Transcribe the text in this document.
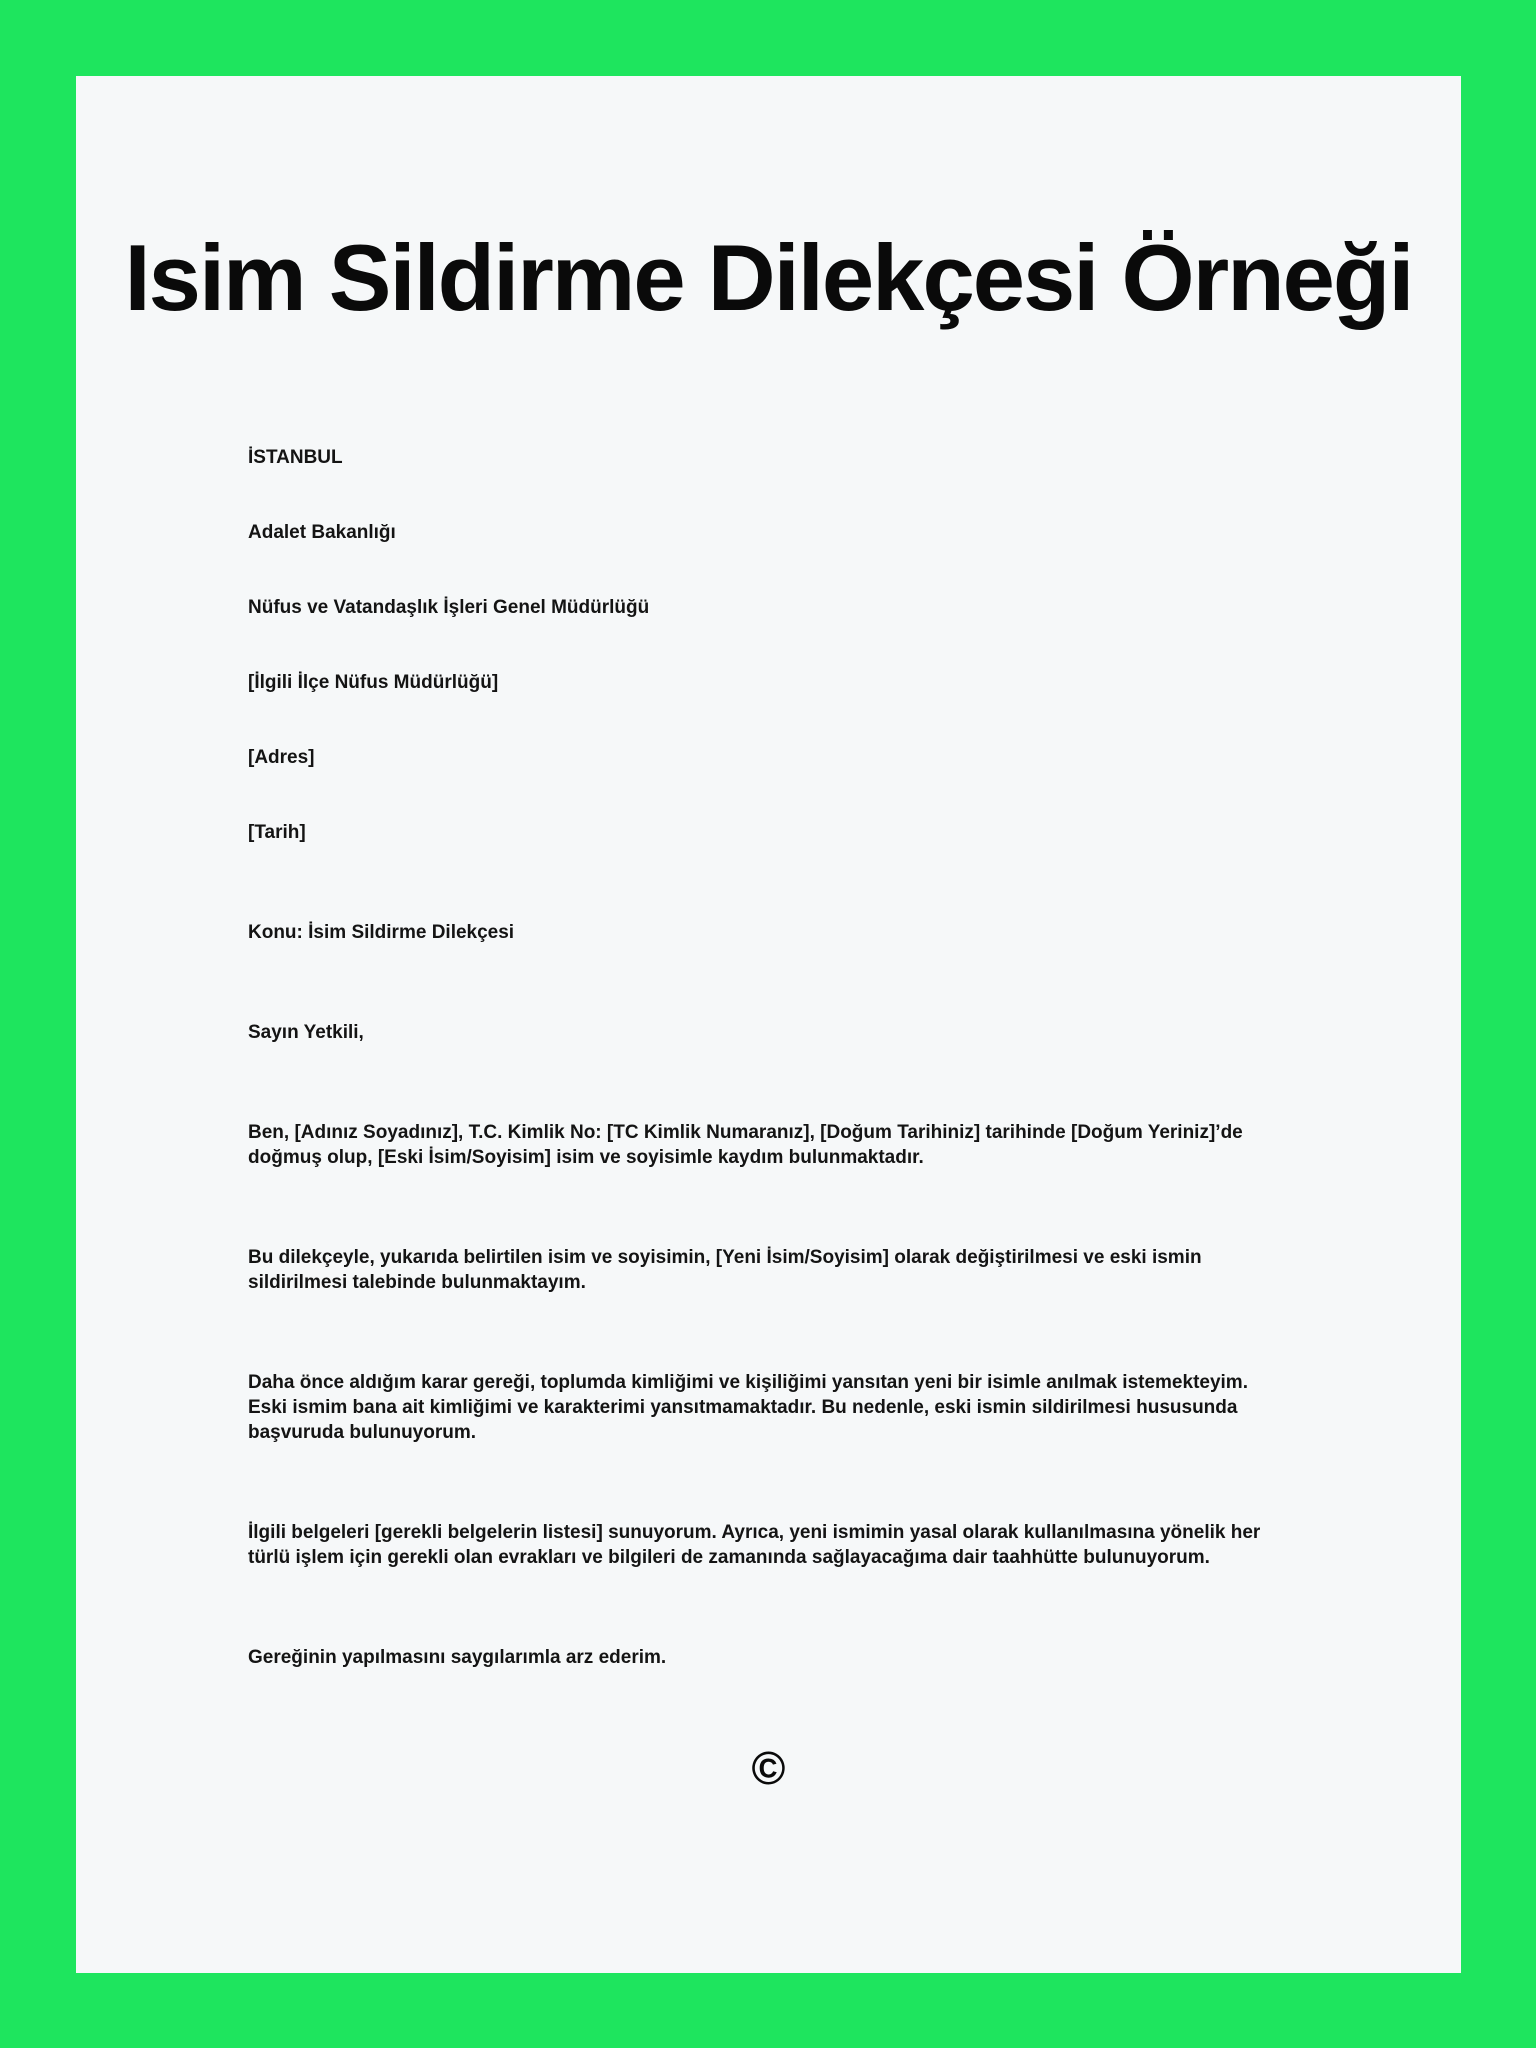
Isim Sildirme Dilekçesi Örneği

İSTANBUL

Adalet Bakanlığı

Nüfus ve Vatandaşlık İşleri Genel Müdürlüğü

[İlgili İlçe Nüfus Müdürlüğü]

[Adres]

[Tarih]

Konu: İsim Sildirme Dilekçesi

Sayın Yetkili,

Ben, [Adınız Soyadınız], T.C. Kimlik No: [TC Kimlik Numaranız], [Doğum Tarihiniz] tarihinde [Doğum Yeriniz]’de doğmuş olup, [Eski İsim/Soyisim] isim ve soyisimle kaydım bulunmaktadır.

Bu dilekçeyle, yukarıda belirtilen isim ve soyisimin, [Yeni İsim/Soyisim] olarak değiştirilmesi ve eski ismin sildirilmesi talebinde bulunmaktayım.

Daha önce aldığım karar gereği, toplumda kimliğimi ve kişiliğimi yansıtan yeni bir isimle anılmak istemekteyim. Eski ismim bana ait kimliğimi ve karakterimi yansıtmamaktadır. Bu nedenle, eski ismin sildirilmesi hususunda başvuruda bulunuyorum.

İlgili belgeleri [gerekli belgelerin listesi] sunuyorum. Ayrıca, yeni ismimin yasal olarak kullanılmasına yönelik her türlü işlem için gerekli olan evrakları ve bilgileri de zamanında sağlayacağıma dair taahhütte bulunuyorum.

Gereğinin yapılmasını saygılarımla arz ederim.

©
